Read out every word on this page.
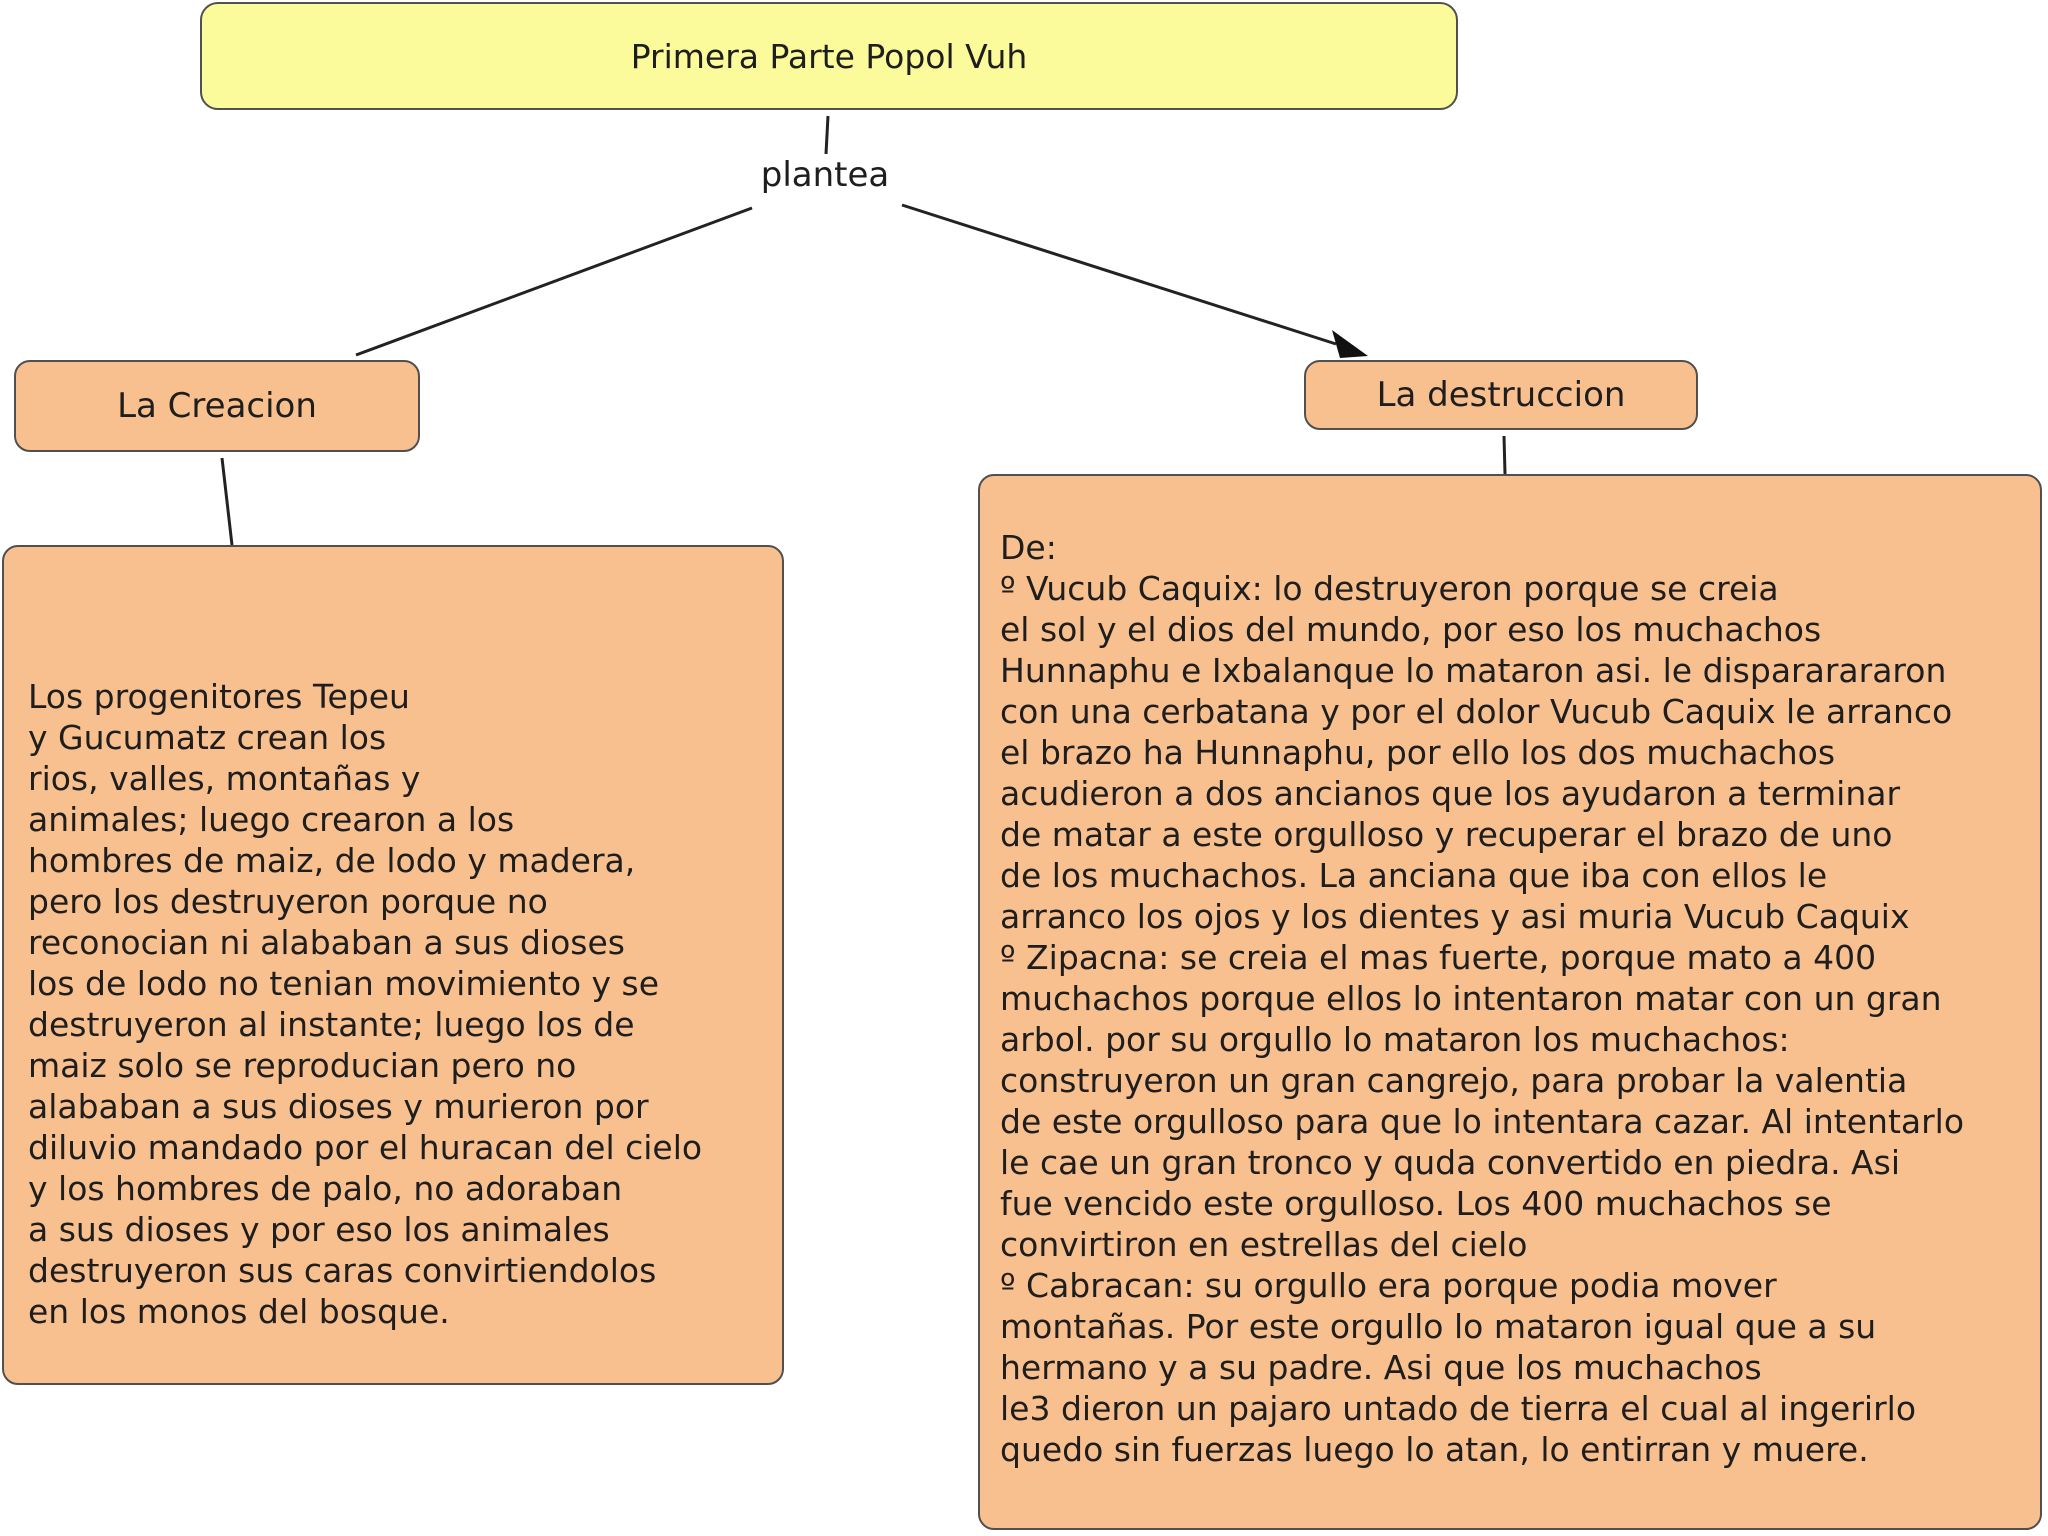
Primera Parte Popol Vuh
plantea
La Creacion	La destruccion

Los progenitores Tepeu
y Gucumatz crean los
rios, valles, montañas y
animales; luego crearon a los
hombres de maiz, de lodo y madera,
pero los destruyeron porque no
reconocian ni alababan a sus dioses
los de lodo no tenian movimiento y se
destruyeron al instante; luego los de
maiz solo se reproducian pero no
alababan a sus dioses y murieron por
diluvio mandado por el huracan del cielo
y los hombres de palo, no adoraban
a sus dioses y por eso los animales
destruyeron sus caras convirtiendolos
en los monos del bosque.

De:
º Vucub Caquix: lo destruyeron porque se creia
el sol y el dios del mundo, por eso los muchachos
Hunnaphu e Ixbalanque lo mataron asi. le dispararararon
con una cerbatana y por el dolor Vucub Caquix le arranco
el brazo ha Hunnaphu, por ello los dos muchachos
acudieron a dos ancianos que los ayudaron a terminar
de matar a este orgulloso y recuperar el brazo de uno
de los muchachos. La anciana que iba con ellos le
arranco los ojos y los dientes y asi muria Vucub Caquix
º Zipacna: se creia el mas fuerte, porque mato a 400
muchachos porque ellos lo intentaron matar con un gran
arbol. por su orgullo lo mataron los muchachos:
construyeron un gran cangrejo, para probar la valentia
de este orgulloso para que lo intentara cazar. Al intentarlo
le cae un gran tronco y quda convertido en piedra. Asi
fue vencido este orgulloso. Los 400 muchachos se
convirtiron en estrellas del cielo
º Cabracan: su orgullo era porque podia mover
montañas. Por este orgullo lo mataron igual que a su
hermano y a su padre. Asi que los muchachos
le3 dieron un pajaro untado de tierra el cual al ingerirlo
quedo sin fuerzas luego lo atan, lo entirran y muere.
